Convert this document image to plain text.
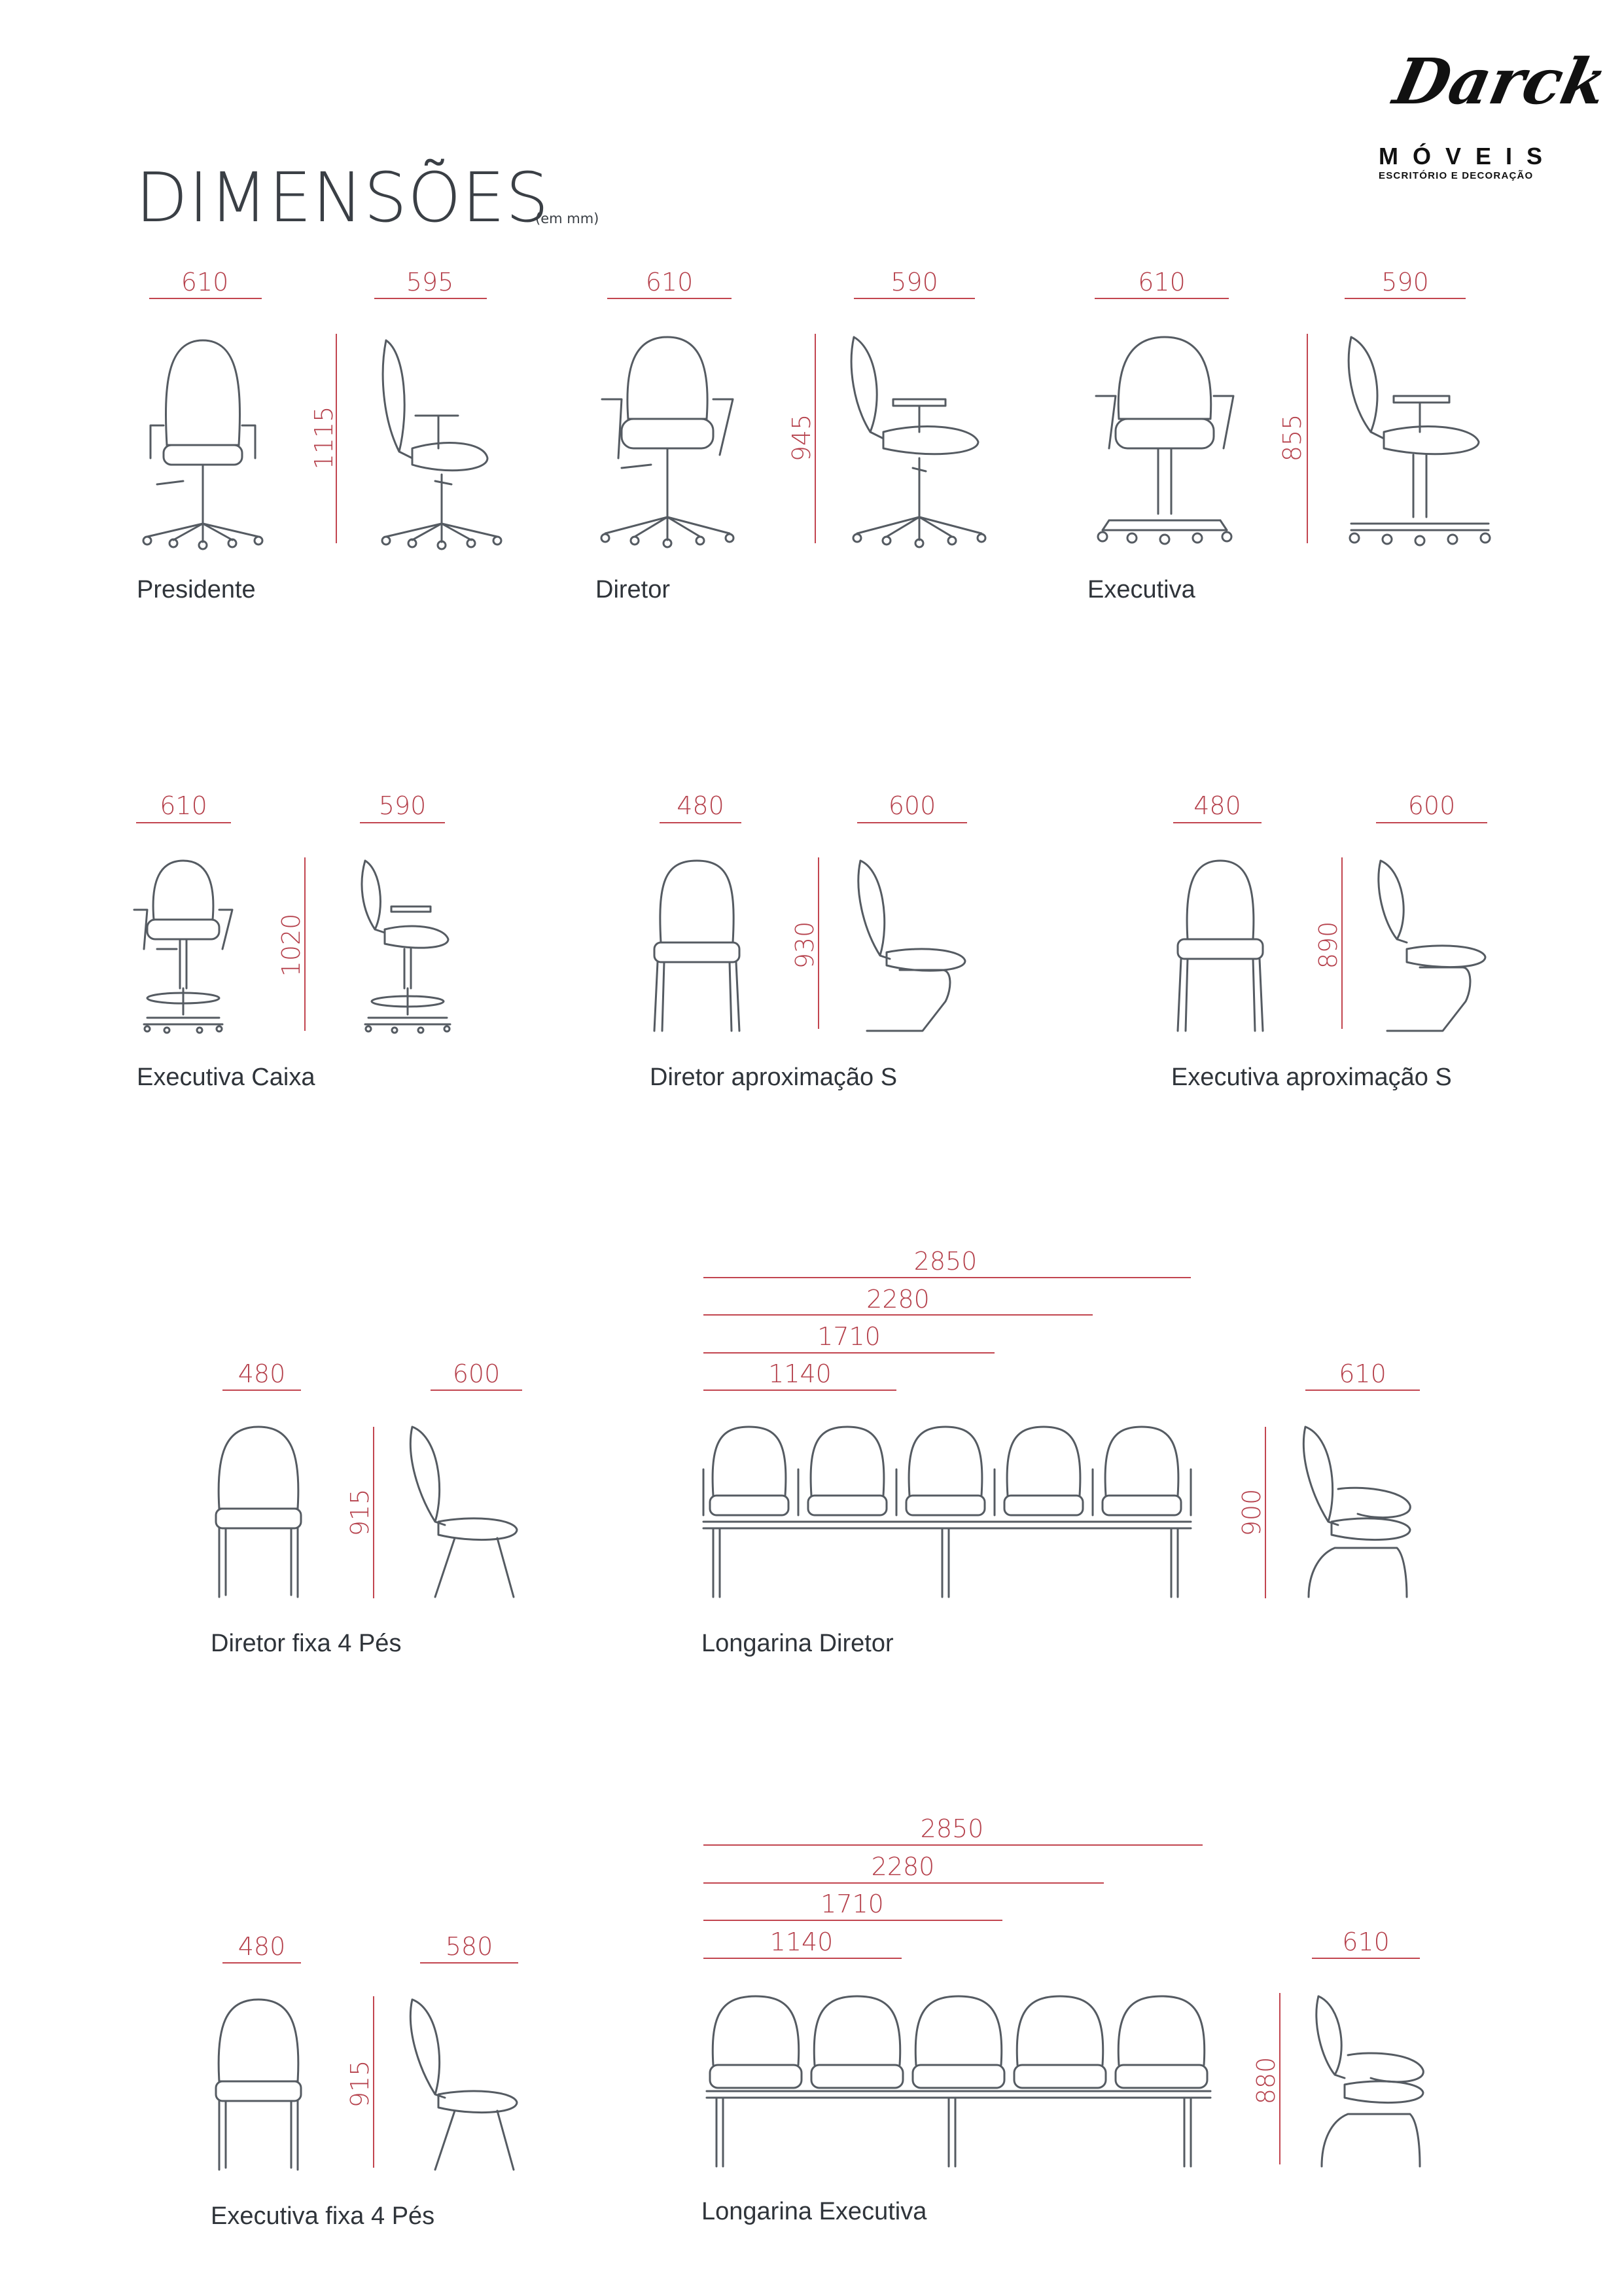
DIMENSÕES
(em mm)
Darck
MÓVEIS
ESCRITÓRIO E DECORAÇÃO
610	595
1115
Presidente
610	590
945
Diretor
610	590
855
Executiva
610	590
1020
Executiva Caixa
480	600
930
Diretor aproximação S
480	600
890
Executiva aproximação S
480	600
915
Diretor fixa 4 Pés
2850
2280
1710
1140
Longarina Diretor
610
900
480	580
915
Executiva fixa 4 Pés
2850
2280
1710
1140
Longarina Executiva
610
880
